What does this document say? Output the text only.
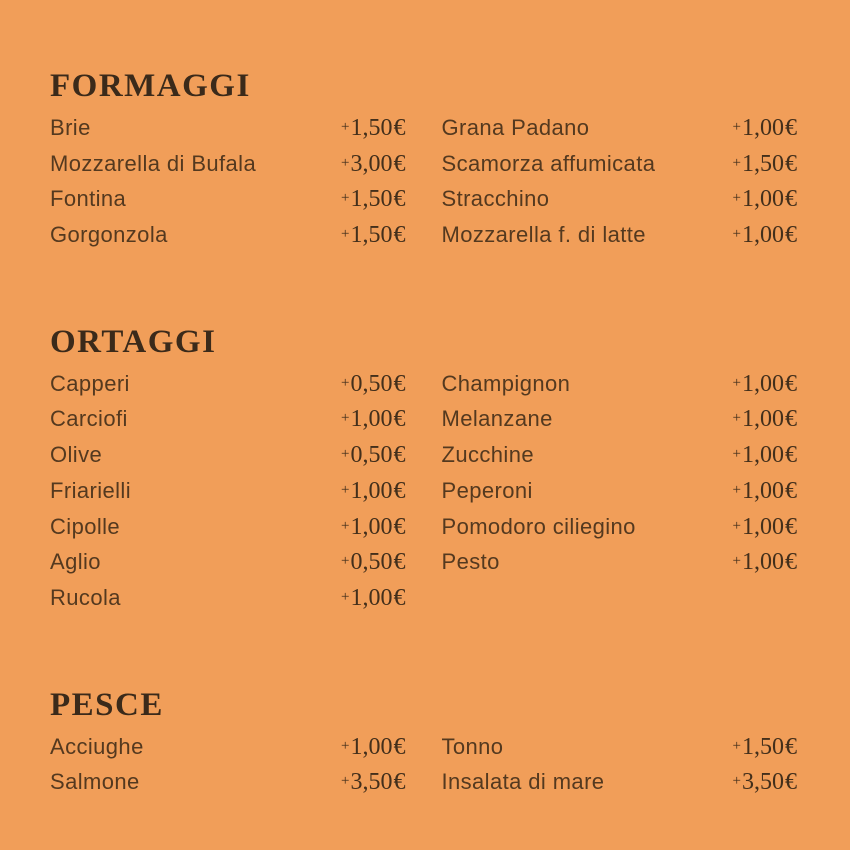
FORMAGGI
Brie	+1,50€
Mozzarella di Bufala	+3,00€
Fontina	+1,50€
Gorgonzola	+1,50€
Grana Padano	+1,00€
Scamorza affumicata	+1,50€
Stracchino	+1,00€
Mozzarella f. di latte	+1,00€
ORTAGGI
Capperi	+0,50€
Carciofi	+1,00€
Olive	+0,50€
Friarielli	+1,00€
Cipolle	+1,00€
Aglio	+0,50€
Rucola	+1,00€
Champignon	+1,00€
Melanzane	+1,00€
Zucchine	+1,00€
Peperoni	+1,00€
Pomodoro ciliegino	+1,00€
Pesto	+1,00€
PESCE
Acciughe	+1,00€
Salmone	+3,50€
Tonno	+1,50€
Insalata di mare	+3,50€
